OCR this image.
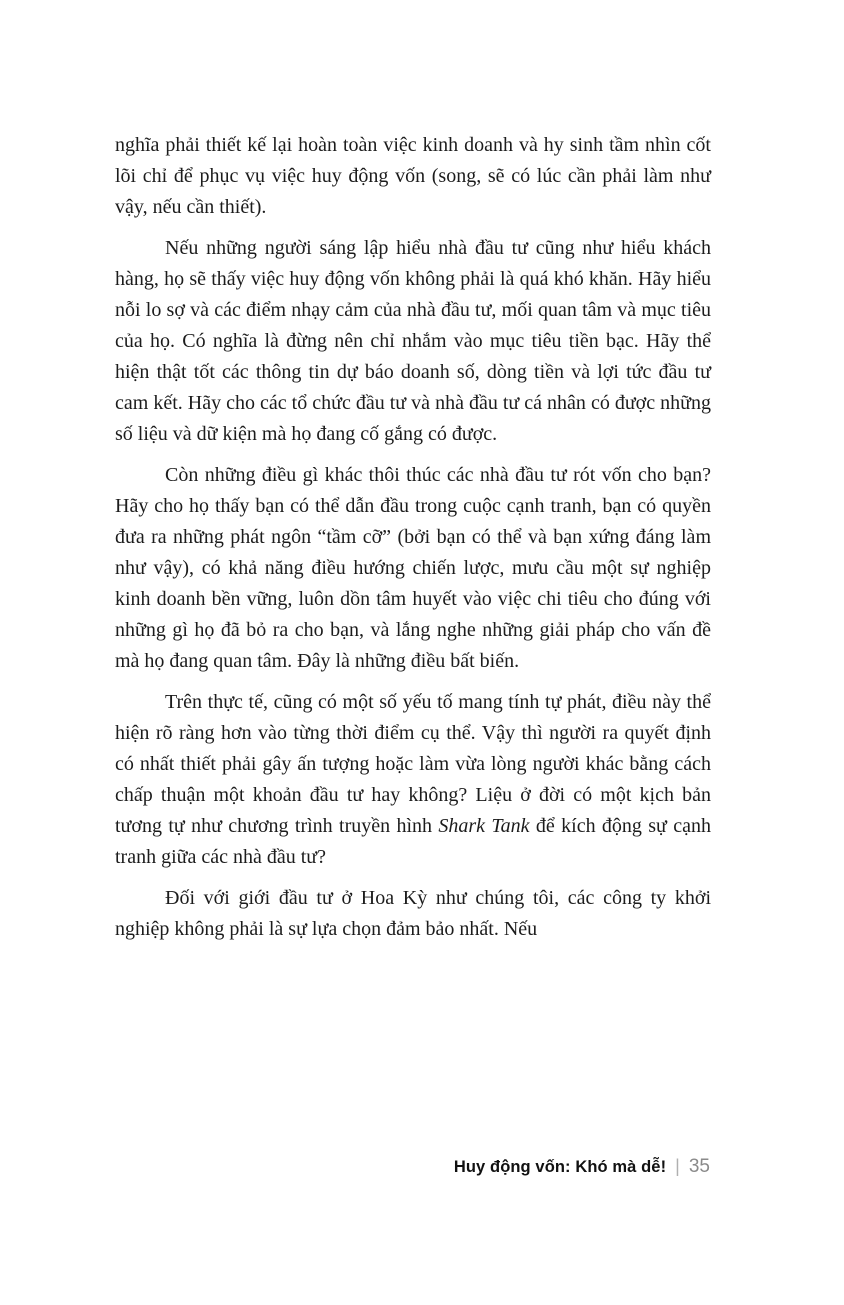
nghĩa phải thiết kế lại hoàn toàn việc kinh doanh và hy sinh tầm nhìn cốt lõi chỉ để phục vụ việc huy động vốn (song, sẽ có lúc cần phải làm như vậy, nếu cần thiết).

Nếu những người sáng lập hiểu nhà đầu tư cũng như hiểu khách hàng, họ sẽ thấy việc huy động vốn không phải là quá khó khăn. Hãy hiểu nỗi lo sợ và các điểm nhạy cảm của nhà đầu tư, mối quan tâm và mục tiêu của họ. Có nghĩa là đừng nên chỉ nhắm vào mục tiêu tiền bạc. Hãy thể hiện thật tốt các thông tin dự báo doanh số, dòng tiền và lợi tức đầu tư cam kết. Hãy cho các tổ chức đầu tư và nhà đầu tư cá nhân có được những số liệu và dữ kiện mà họ đang cố gắng có được.

Còn những điều gì khác thôi thúc các nhà đầu tư rót vốn cho bạn? Hãy cho họ thấy bạn có thể dẫn đầu trong cuộc cạnh tranh, bạn có quyền đưa ra những phát ngôn “tầm cỡ” (bởi bạn có thể và bạn xứng đáng làm như vậy), có khả năng điều hướng chiến lược, mưu cầu một sự nghiệp kinh doanh bền vững, luôn dồn tâm huyết vào việc chi tiêu cho đúng với những gì họ đã bỏ ra cho bạn, và lắng nghe những giải pháp cho vấn đề mà họ đang quan tâm. Đây là những điều bất biến.

Trên thực tế, cũng có một số yếu tố mang tính tự phát, điều này thể hiện rõ ràng hơn vào từng thời điểm cụ thể. Vậy thì người ra quyết định có nhất thiết phải gây ấn tượng hoặc làm vừa lòng người khác bằng cách chấp thuận một khoản đầu tư hay không? Liệu ở đời có một kịch bản tương tự như chương trình truyền hình Shark Tank để kích động sự cạnh tranh giữa các nhà đầu tư?

Đối với giới đầu tư ở Hoa Kỳ như chúng tôi, các công ty khởi nghiệp không phải là sự lựa chọn đảm bảo nhất. Nếu

Huy động vốn: Khó mà dễ! | 35
